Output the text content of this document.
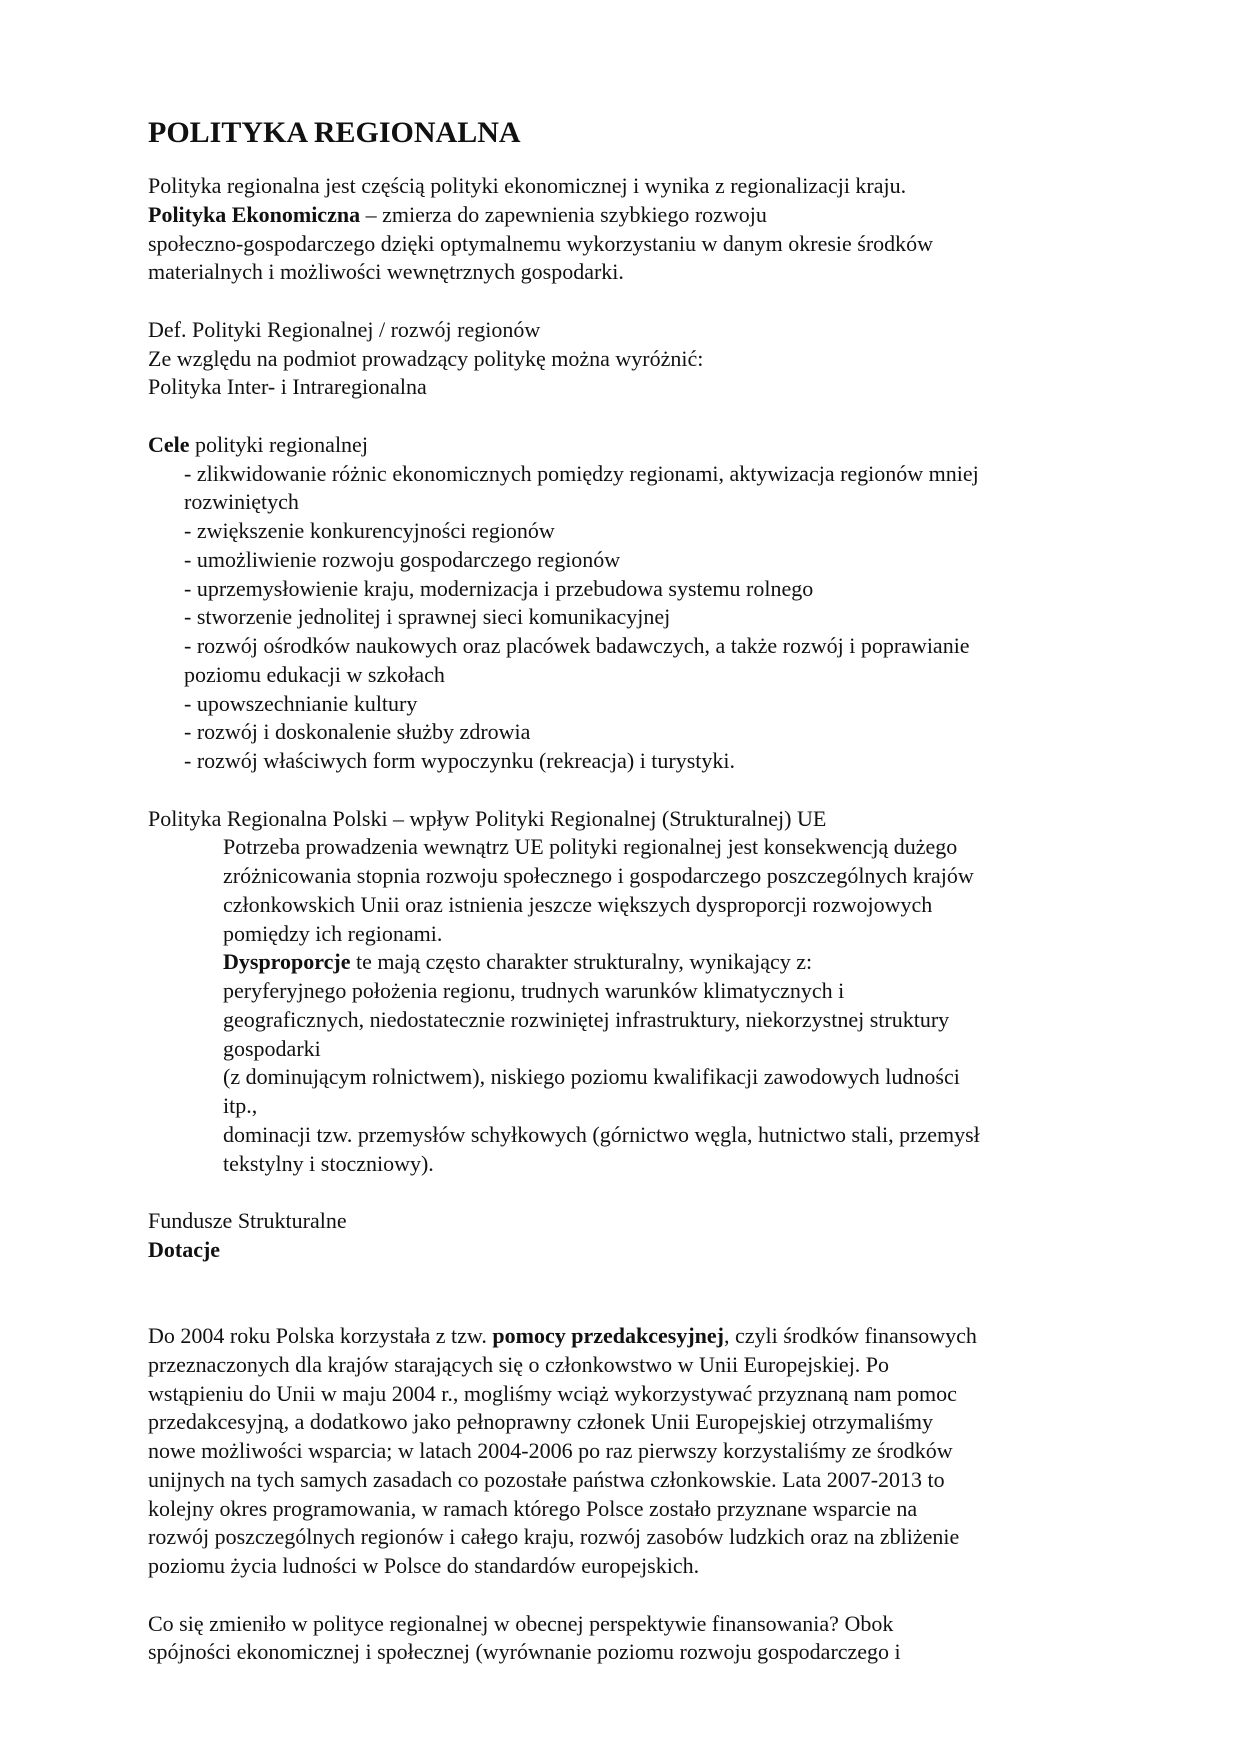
POLITYKA REGIONALNA
Polityka regionalna jest częścią polityki ekonomicznej i wynika z regionalizacji kraju.
Polityka Ekonomiczna – zmierza do zapewnienia szybkiego rozwoju
społeczno-gospodarczego dzięki optymalnemu wykorzystaniu w danym okresie środków
materialnych i możliwości wewnętrznych gospodarki.
Def. Polityki Regionalnej / rozwój regionów
Ze względu na podmiot prowadzący politykę można wyróżnić:
Polityka Inter- i Intraregionalna
Cele polityki regionalnej
- zlikwidowanie różnic ekonomicznych pomiędzy regionami, aktywizacja regionów mniej
rozwiniętych
- zwiększenie konkurencyjności regionów
- umożliwienie rozwoju gospodarczego regionów
- uprzemysłowienie kraju, modernizacja i przebudowa systemu rolnego
- stworzenie jednolitej i sprawnej sieci komunikacyjnej
- rozwój ośrodków naukowych oraz placówek badawczych, a także rozwój i poprawianie
poziomu edukacji w szkołach
- upowszechnianie kultury
- rozwój i doskonalenie służby zdrowia
- rozwój właściwych form wypoczynku (rekreacja) i turystyki.
Polityka Regionalna Polski – wpływ Polityki Regionalnej (Strukturalnej) UE
Potrzeba prowadzenia wewnątrz UE polityki regionalnej jest konsekwencją dużego
zróżnicowania stopnia rozwoju społecznego i gospodarczego poszczególnych krajów
członkowskich Unii oraz istnienia jeszcze większych dysproporcji rozwojowych
pomiędzy ich regionami.
Dysproporcje te mają często charakter strukturalny, wynikający z:
peryferyjnego położenia regionu, trudnych warunków klimatycznych i
geograficznych, niedostatecznie rozwiniętej infrastruktury, niekorzystnej struktury
gospodarki
(z dominującym rolnictwem), niskiego poziomu kwalifikacji zawodowych ludności
itp.,
dominacji tzw. przemysłów schyłkowych (górnictwo węgla, hutnictwo stali, przemysł
tekstylny i stoczniowy).
Fundusze Strukturalne
Dotacje
Do 2004 roku Polska korzystała z tzw. pomocy przedakcesyjnej, czyli środków finansowych
przeznaczonych dla krajów starających się o członkowstwo w Unii Europejskiej. Po
wstąpieniu do Unii w maju 2004 r., mogliśmy wciąż wykorzystywać przyznaną nam pomoc
przedakcesyjną, a dodatkowo jako pełnoprawny członek Unii Europejskiej otrzymaliśmy
nowe możliwości wsparcia; w latach 2004-2006 po raz pierwszy korzystaliśmy ze środków
unijnych na tych samych zasadach co pozostałe państwa członkowskie. Lata 2007-2013 to
kolejny okres programowania, w ramach którego Polsce zostało przyznane wsparcie na
rozwój poszczególnych regionów i całego kraju, rozwój zasobów ludzkich oraz na zbliżenie
poziomu życia ludności w Polsce do standardów europejskich.
Co się zmieniło w polityce regionalnej w obecnej perspektywie finansowania? Obok
spójności ekonomicznej i społecznej (wyrównanie poziomu rozwoju gospodarczego i
